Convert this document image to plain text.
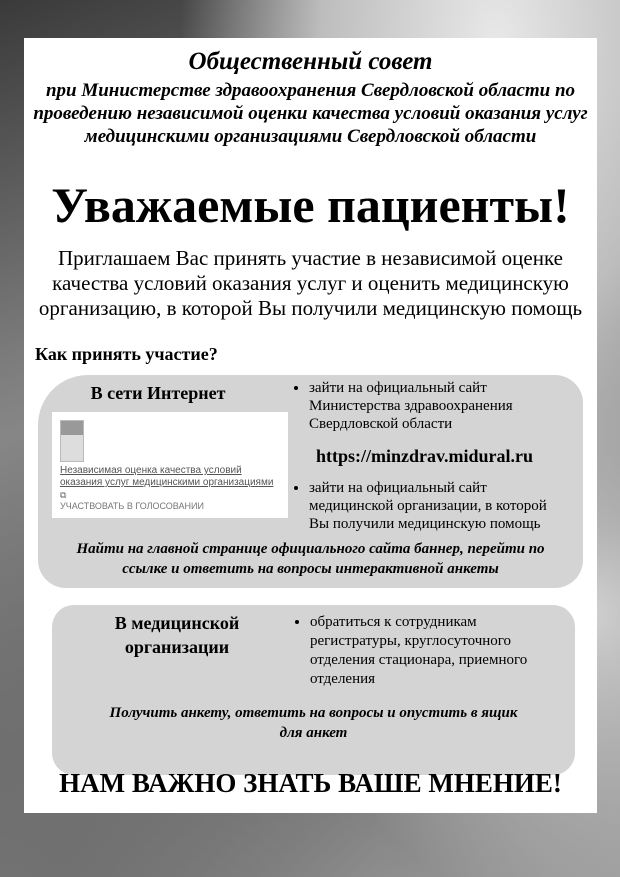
Общественный совет
при Министерстве здравоохранения Свердловской области по проведению независимой оценки качества условий оказания услуг медицинскими организациями Свердловской области
Уважаемые пациенты!
Приглашаем Вас принять участие в независимой оценке качества условий оказания услуг и оценить медицинскую организацию, в которой Вы получили медицинскую помощь
Как принять участие?
В сети Интернет
Независимая оценка качества условий оказания услуг медицинскими организациями
⧉
УЧАСТВОВАТЬ В ГОЛОСОВАНИИ
• зайти на официальный сайт Министерства здравоохранения Свердловской области
https://minzdrav.midural.ru
• зайти на официальный сайт медицинской организации, в которой Вы получили медицинскую помощь
Найти на главной странице официального сайта баннер, перейти по ссылке и ответить на вопросы интерактивной анкеты
В медицинской организации
• обратиться к сотрудникам регистратуры, круглосуточного отделения стационара, приемного отделения
Получить анкету, ответить на вопросы и опустить в ящик для анкет
НАМ ВАЖНО ЗНАТЬ ВАШЕ МНЕНИЕ!
